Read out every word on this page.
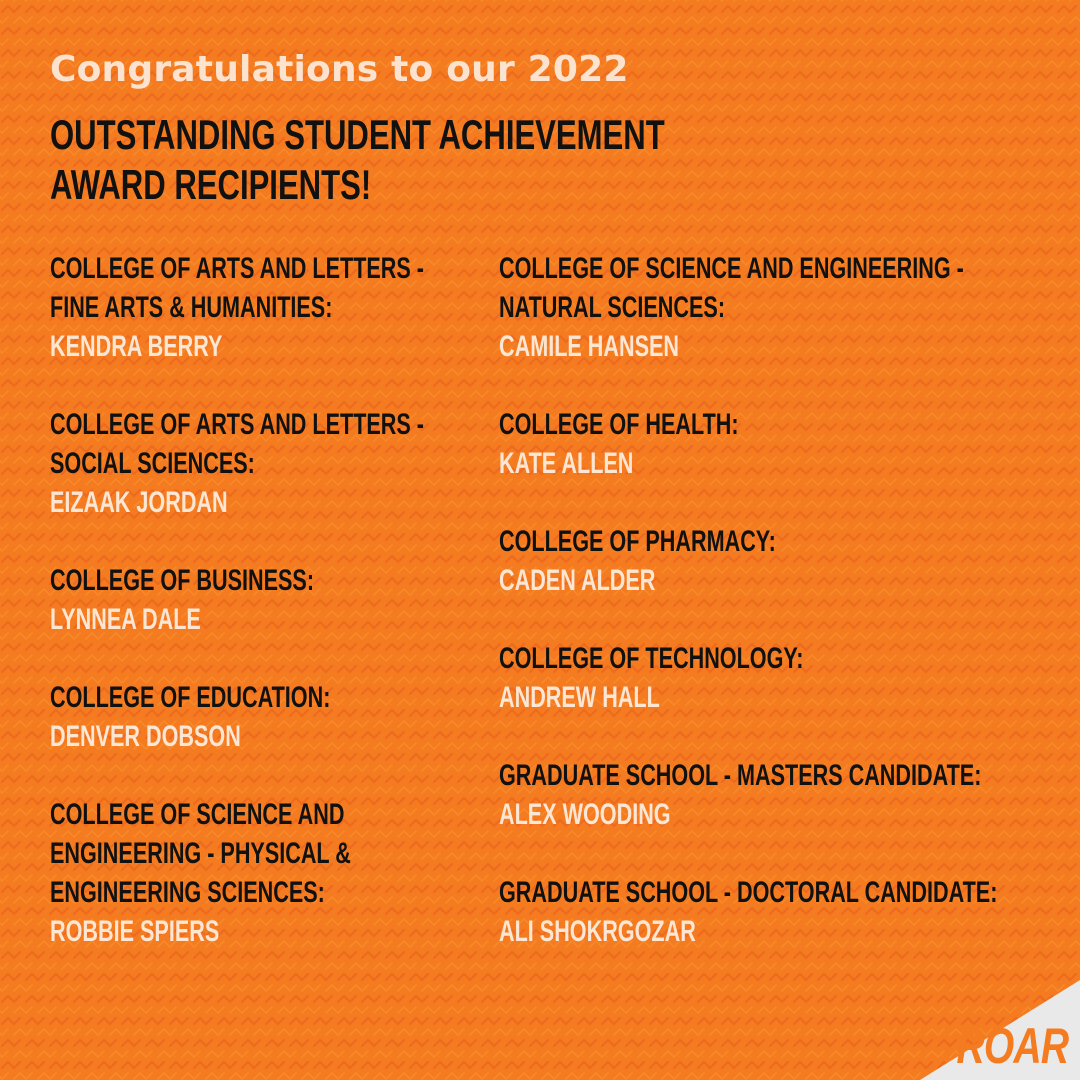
Congratulations to our 2022

OUTSTANDING STUDENT ACHIEVEMENT
AWARD RECIPIENTS!
COLLEGE OF ARTS AND LETTERS -
FINE ARTS & HUMANITIES:
KENDRA BERRY
COLLEGE OF ARTS AND LETTERS -
SOCIAL SCIENCES:
EIZAAK JORDAN
COLLEGE OF BUSINESS:
LYNNEA DALE
COLLEGE OF EDUCATION:
DENVER DOBSON
COLLEGE OF SCIENCE AND
ENGINEERING - PHYSICAL &
ENGINEERING SCIENCES:
ROBBIE SPIERS
COLLEGE OF SCIENCE AND ENGINEERING -
NATURAL SCIENCES:
CAMILE HANSEN
COLLEGE OF HEALTH:
KATE ALLEN
COLLEGE OF PHARMACY:
CADEN ALDER
COLLEGE OF TECHNOLOGY:
ANDREW HALL
GRADUATE SCHOOL - MASTERS CANDIDATE:
ALEX WOODING
GRADUATE SCHOOL - DOCTORAL CANDIDATE:
ALI SHOKRGOZAR
ROAR
